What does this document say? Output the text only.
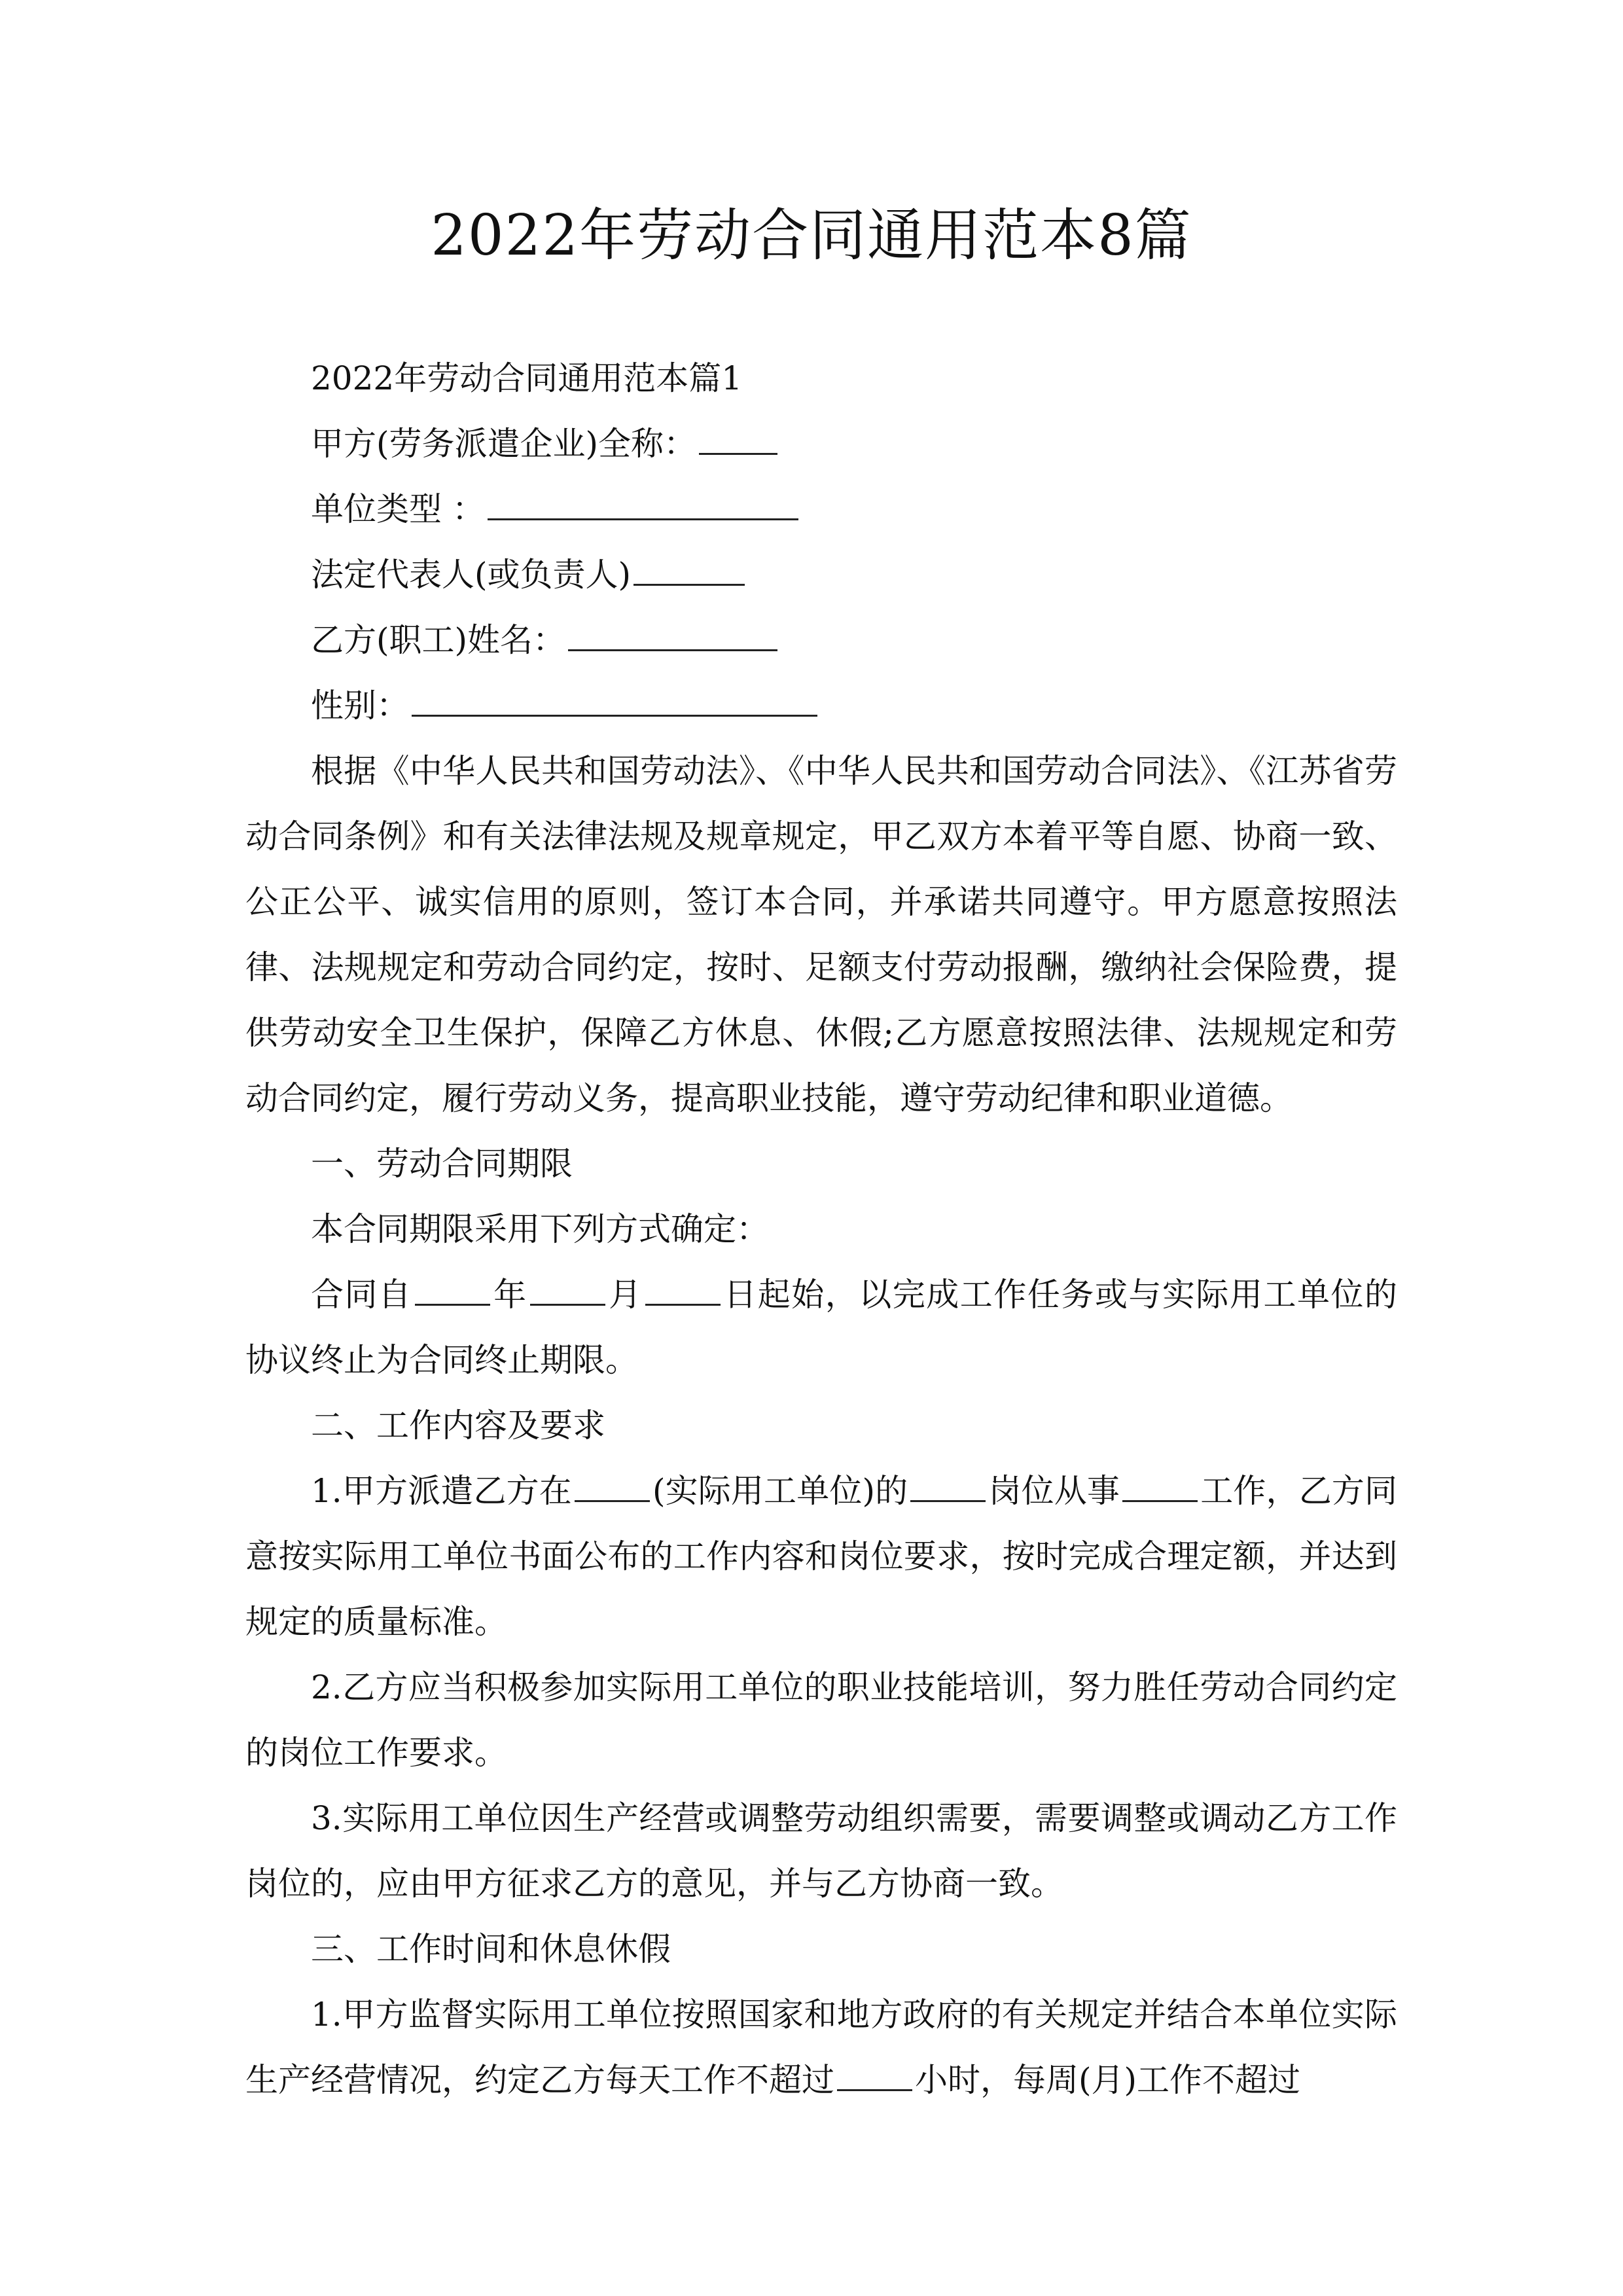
2022年劳动合同通用范本8篇

2022年劳动合同通用范本篇1

甲方(劳务派遣企业)全称：

单位类型 ：

法定代表人(或负责人)

乙方(职工)姓名：

性别：

根据《中华人民共和国劳动法》、《中华人民共和国劳动合同法》、《江苏省劳动合同条例》和有关法律法规及规章规定，甲乙双方本着平等自愿、协商一致、公正公平、诚实信用的原则，签订本合同，并承诺共同遵守。甲方愿意按照法律、法规规定和劳动合同约定，按时、足额支付劳动报酬，缴纳社会保险费，提供劳动安全卫生保护，保障乙方休息、休假;乙方愿意按照法律、法规规定和劳动合同约定，履行劳动义务，提高职业技能，遵守劳动纪律和职业道德。

一、劳动合同期限

本合同期限采用下列方式确定：

合同自 年 月 日起始，以完成工作任务或与实际用工单位的协议终止为合同终止期限。

二、工作内容及要求

1.甲方派遣乙方在 (实际用工单位)的 岗位从事 工作，乙方同意按实际用工单位书面公布的工作内容和岗位要求，按时完成合理定额，并达到规定的质量标准。

2.乙方应当积极参加实际用工单位的职业技能培训，努力胜任劳动合同约定的岗位工作要求。

3.实际用工单位因生产经营或调整劳动组织需要，需要调整或调动乙方工作岗位的，应由甲方征求乙方的意见，并与乙方协商一致。

三、工作时间和休息休假

1.甲方监督实际用工单位按照国家和地方政府的有关规定并结合本单位实际生产经营情况，约定乙方每天工作不超过 小时，每周(月)工作不超过
